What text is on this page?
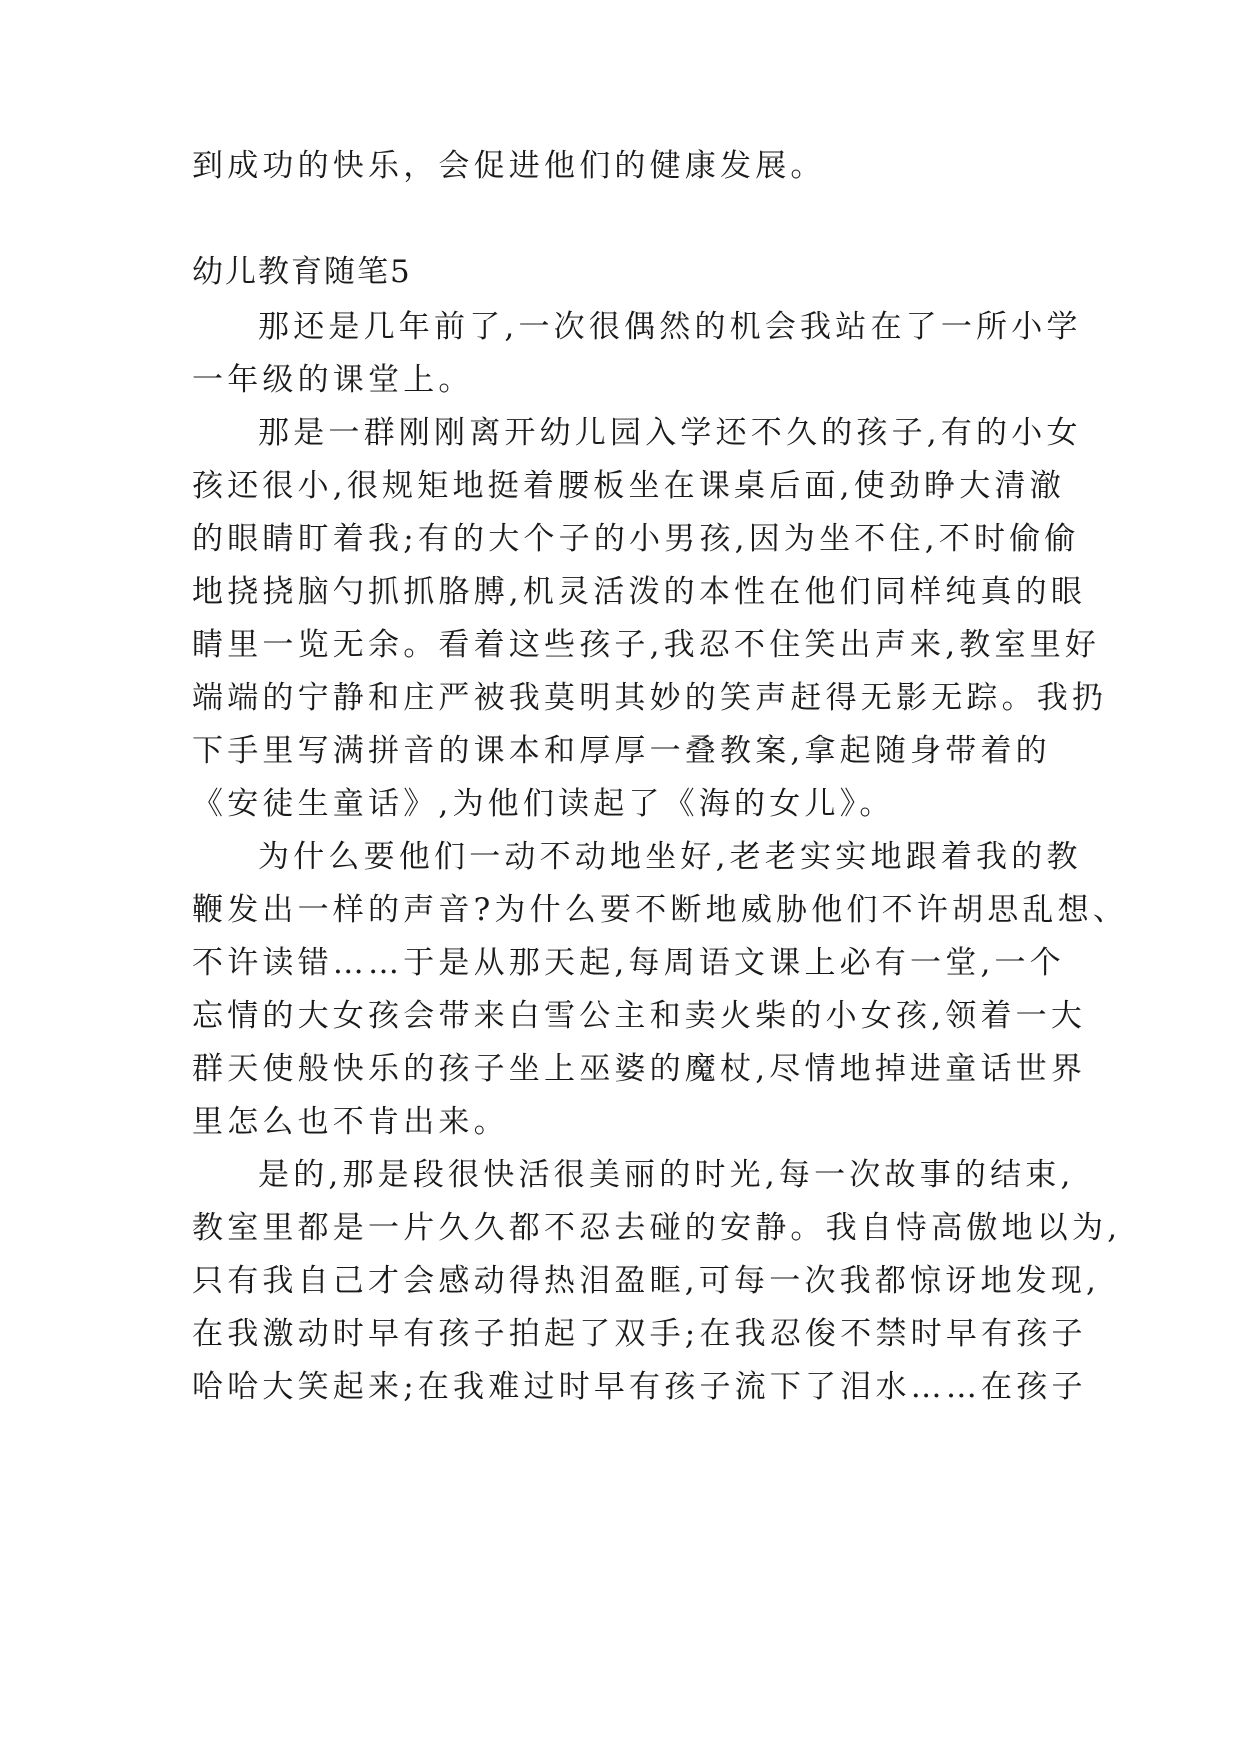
到成功的快乐，会促进他们的健康发展。
幼儿教育随笔5
那还是几年前了,一次很偶然的机会我站在了一所小学
一年级的课堂上。
那是一群刚刚离开幼儿园入学还不久的孩子,有的小女
孩还很小,很规矩地挺着腰板坐在课桌后面,使劲睁大清澈
的眼睛盯着我;有的大个子的小男孩,因为坐不住,不时偷偷
地挠挠脑勺抓抓胳膊,机灵活泼的本性在他们同样纯真的眼
睛里一览无余。看着这些孩子,我忍不住笑出声来,教室里好
端端的宁静和庄严被我莫明其妙的笑声赶得无影无踪。我扔
下手里写满拼音的课本和厚厚一叠教案,拿起随身带着的
《安徒生童话》,为他们读起了《海的女儿》。
为什么要他们一动不动地坐好,老老实实地跟着我的教
鞭发出一样的声音?为什么要不断地威胁他们不许胡思乱想、
不许读错……于是从那天起,每周语文课上必有一堂,一个
忘情的大女孩会带来白雪公主和卖火柴的小女孩,领着一大
群天使般快乐的孩子坐上巫婆的魔杖,尽情地掉进童话世界
里怎么也不肯出来。
是的,那是段很快活很美丽的时光,每一次故事的结束,
教室里都是一片久久都不忍去碰的安静。我自恃高傲地以为,
只有我自己才会感动得热泪盈眶,可每一次我都惊讶地发现,
在我激动时早有孩子拍起了双手;在我忍俊不禁时早有孩子
哈哈大笑起来;在我难过时早有孩子流下了泪水……在孩子
